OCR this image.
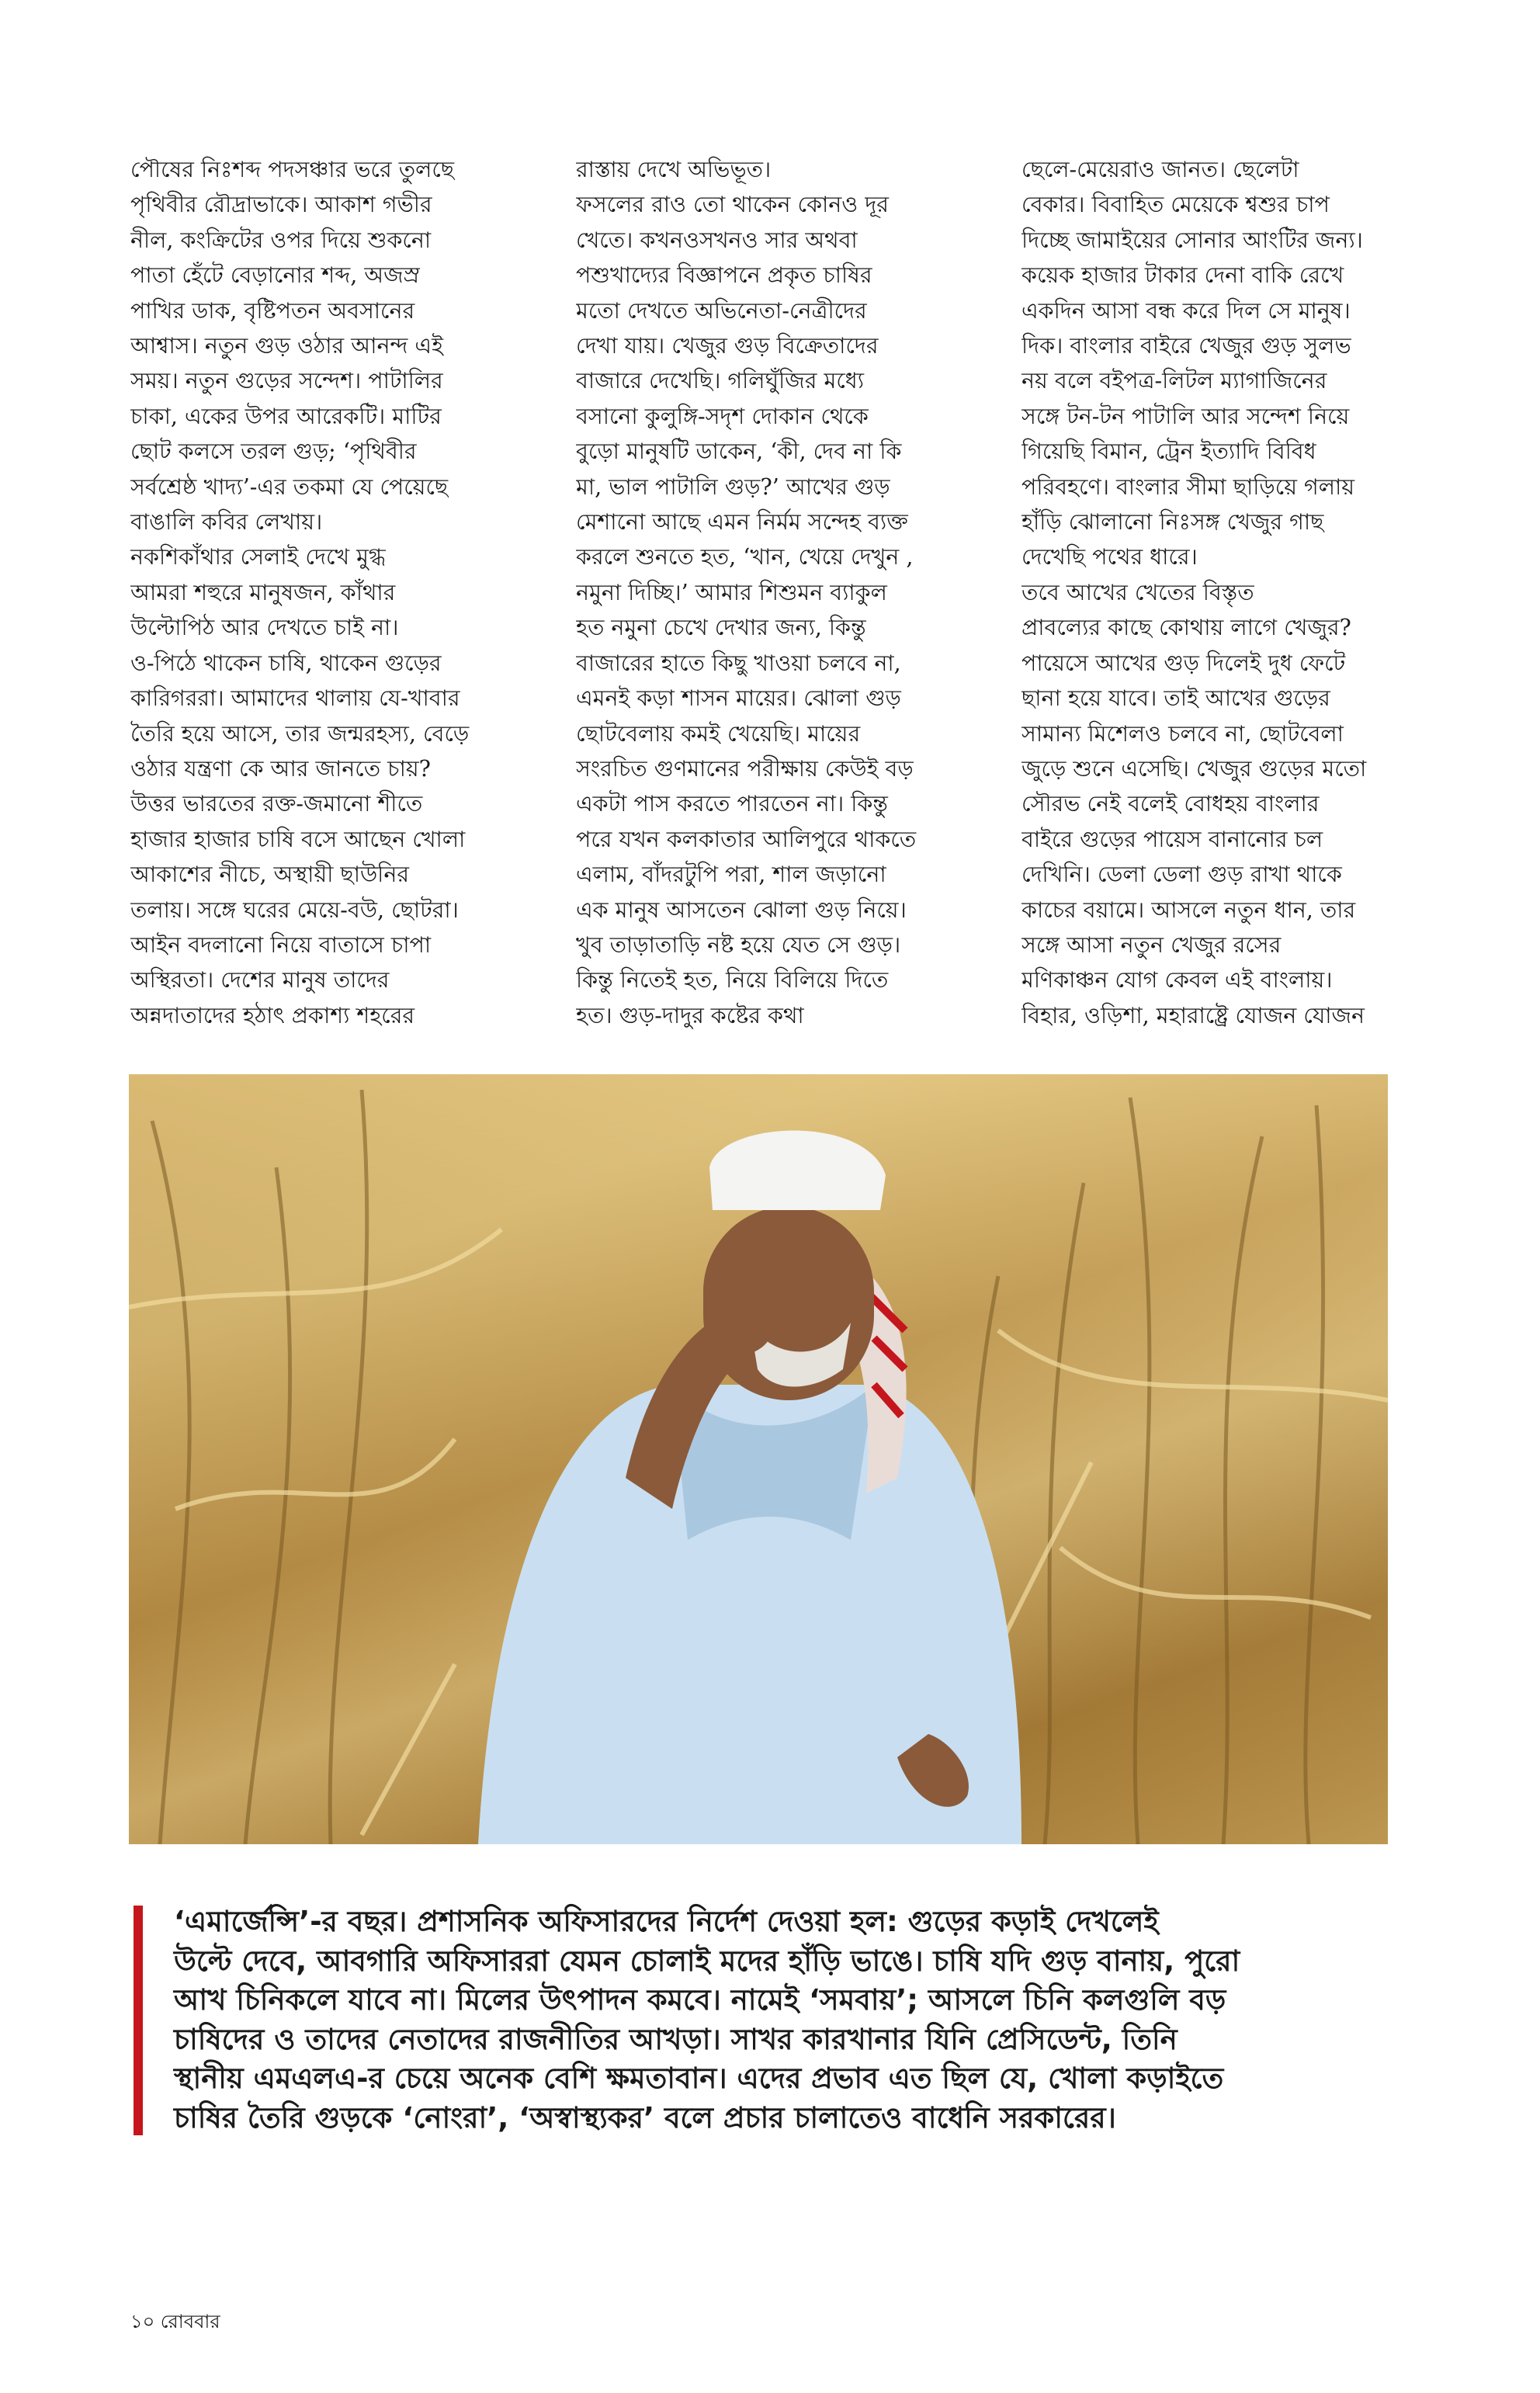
পৌষের নিঃশব্দ পদসঞ্চার ভরে তুলছে
পৃথিবীর রৌদ্রাভাকে। আকাশ গভীর
নীল, কংক্রিটের ওপর দিয়ে শুকনো
পাতা হেঁটে বেড়ানোর শব্দ, অজস্র
পাখির ডাক, বৃষ্টিপতন অবসানের
আশ্বাস। নতুন গুড় ওঠার আনন্দ এই
সময়। নতুন গুড়ের সন্দেশ। পাটালির
চাকা, একের উপর আরেকটি। মাটির
ছোট কলসে তরল গুড়; ‘পৃথিবীর
সর্বশ্রেষ্ঠ খাদ্য’-এর তকমা যে পেয়েছে
বাঙালি কবির লেখায়।
নকশিকাঁথার সেলাই দেখে মুগ্ধ
আমরা শহুরে মানুষজন, কাঁথার
উল্টোপিঠ আর দেখতে চাই না।
ও-পিঠে থাকেন চাষি, থাকেন গুড়ের
কারিগররা। আমাদের থালায় যে-খাবার
তৈরি হয়ে আসে, তার জন্মরহস্য, বেড়ে
ওঠার যন্ত্রণা কে আর জানতে চায়?
উত্তর ভারতের রক্ত-জমানো শীতে
হাজার হাজার চাষি বসে আছেন খোলা
আকাশের নীচে, অস্থায়ী ছাউনির
তলায়। সঙ্গে ঘরের মেয়ে-বউ, ছোটরা।
আইন বদলানো নিয়ে বাতাসে চাপা
অস্থিরতা। দেশের মানুষ তাদের
অন্নদাতাদের হঠাৎ প্রকাশ্য শহরের
রাস্তায় দেখে অভিভূত।
ফসলের রাও তো থাকেন কোনও দূর
খেতে। কখনওসখনও সার অথবা
পশুখাদ্যের বিজ্ঞাপনে প্রকৃত চাষির
মতো দেখতে অভিনেতা-নেত্রীদের
দেখা যায়। খেজুর গুড় বিক্রেতাদের
বাজারে দেখেছি। গলিঘুঁজির মধ্যে
বসানো কুলুঙ্গি-সদৃশ দোকান থেকে
বুড়ো মানুষটি ডাকেন, ‘কী, দেব না কি
মা, ভাল পাটালি গুড়?’ আখের গুড়
মেশানো আছে এমন নির্মম সন্দেহ ব্যক্ত
করলে শুনতে হত, ‘খান, খেয়ে দেখুন ,
নমুনা দিচ্ছি।’ আমার শিশুমন ব্যাকুল
হত নমুনা চেখে দেখার জন্য, কিন্তু
বাজারের হাতে কিছু খাওয়া চলবে না,
এমনই কড়া শাসন মায়ের। ঝোলা গুড়
ছোটবেলায় কমই খেয়েছি। মায়ের
সংরচিত গুণমানের পরীক্ষায় কেউই বড়
একটা পাস করতে পারতেন না। কিন্তু
পরে যখন কলকাতার আলিপুরে থাকতে
এলাম, বাঁদরটুপি পরা, শাল জড়ানো
এক মানুষ আসতেন ঝোলা গুড় নিয়ে।
খুব তাড়াতাড়ি নষ্ট হয়ে যেত সে গুড়।
কিন্তু নিতেই হত, নিয়ে বিলিয়ে দিতে
হত। গুড়-দাদুর কষ্টের কথা
ছেলে-মেয়েরাও জানত। ছেলেটা
বেকার। বিবাহিত মেয়েকে শ্বশুর চাপ
দিচ্ছে জামাইয়ের সোনার আংটির জন্য।
কয়েক হাজার টাকার দেনা বাকি রেখে
একদিন আসা বন্ধ করে দিল সে মানুষ।
দিক। বাংলার বাইরে খেজুর গুড় সুলভ
নয় বলে বইপত্র-লিটল ম্যাগাজিনের
সঙ্গে টন-টন পাটালি আর সন্দেশ নিয়ে
গিয়েছি বিমান, ট্রেন ইত্যাদি বিবিধ
পরিবহণে। বাংলার সীমা ছাড়িয়ে গলায়
হাঁড়ি ঝোলানো নিঃসঙ্গ খেজুর গাছ
দেখেছি পথের ধারে।
তবে আখের খেতের বিস্তৃত
প্রাবল্যের কাছে কোথায় লাগে খেজুর?
পায়েসে আখের গুড় দিলেই দুধ ফেটে
ছানা হয়ে যাবে। তাই আখের গুড়ের
সামান্য মিশেলও চলবে না, ছোটবেলা
জুড়ে শুনে এসেছি। খেজুর গুড়ের মতো
সৌরভ নেই বলেই বোধহয় বাংলার
বাইরে গুড়ের পায়েস বানানোর চল
দেখিনি। ডেলা ডেলা গুড় রাখা থাকে
কাচের বয়ামে। আসলে নতুন ধান, তার
সঙ্গে আসা নতুন খেজুর রসের
মণিকাঞ্চন যোগ কেবল এই বাংলায়।
বিহার, ওড়িশা, মহারাষ্ট্রে যোজন যোজন
‘এমার্জেন্সি’-র বছর। প্রশাসনিক অফিসারদের নির্দেশ দেওয়া হল: গুড়ের কড়াই দেখলেই
উল্টে দেবে, আবগারি অফিসাররা যেমন চোলাই মদের হাঁড়ি ভাঙে। চাষি যদি গুড় বানায়, পুরো
আখ চিনিকলে যাবে না। মিলের উৎপাদন কমবে। নামেই ‘সমবায়’; আসলে চিনি কলগুলি বড়
চাষিদের ও তাদের নেতাদের রাজনীতির আখড়া। সাখর কারখানার যিনি প্রেসিডেন্ট, তিনি
স্থানীয় এমএলএ-র চেয়ে অনেক বেশি ক্ষমতাবান। এদের প্রভাব এত ছিল যে, খোলা কড়াইতে
চাষির তৈরি গুড়কে ‘নোংরা’, ‘অস্বাস্থ্যকর’ বলে প্রচার চালাতেও বাধেনি সরকারের।
১০ রোববার
